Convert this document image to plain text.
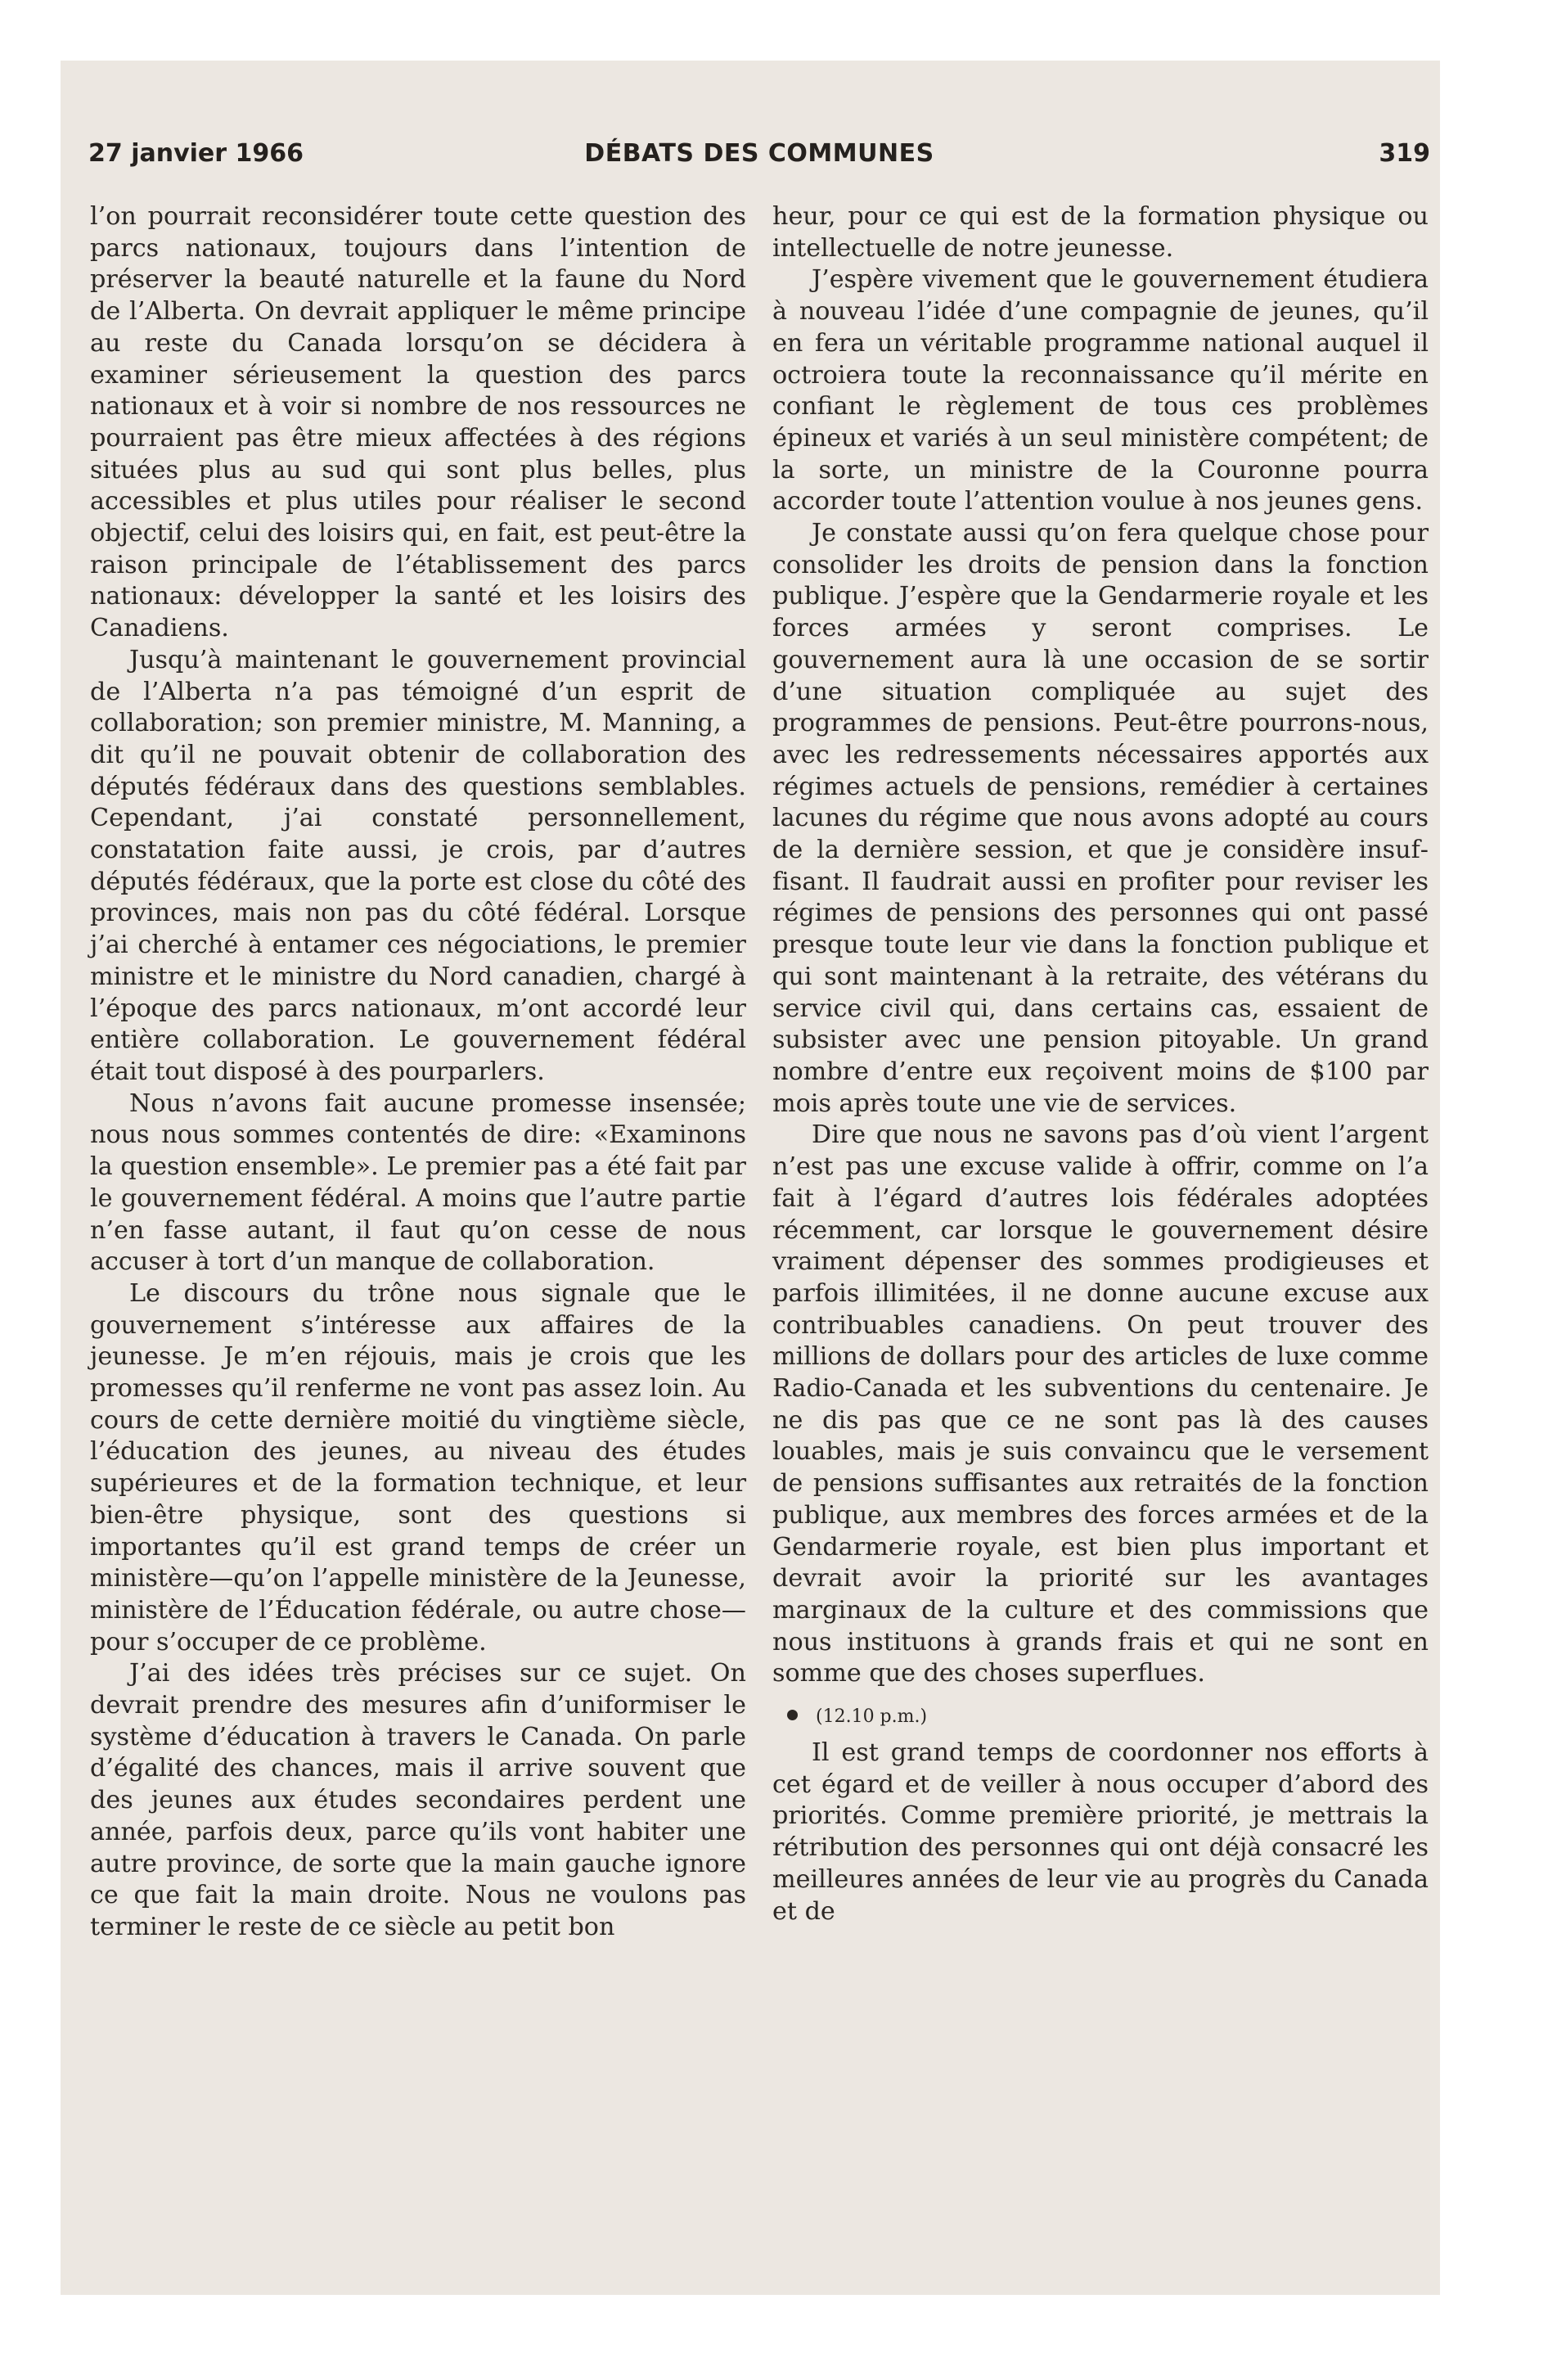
27 janvier 1966	DÉBATS DES COMMUNES	319

l’on pourrait reconsidérer toute cette question des parcs nationaux, toujours dans l’intention de préserver la beauté naturelle et la faune du Nord de l’Alberta. On devrait appliquer le même principe au reste du Canada lorsqu’on se décidera à examiner sérieusement la question des parcs nationaux et à voir si nombre de nos ressources ne pourraient pas être mieux affectées à des régions situées plus au sud qui sont plus belles, plus accessibles et plus utiles pour réaliser le second objectif, celui des loisirs qui, en fait, est peut-être la raison principale de l’établissement des parcs nationaux: développer la santé et les loisirs des Canadiens.

Jusqu’à maintenant le gouvernement provincial de l’Alberta n’a pas témoigné d’un esprit de collaboration; son premier ministre, M. Manning, a dit qu’il ne pouvait obtenir de collaboration des députés fédéraux dans des questions semblables. Cependant, j’ai constaté personnellement, constatation faite aussi, je crois, par d’autres députés fédéraux, que la porte est close du côté des provinces, mais non pas du côté fédéral. Lorsque j’ai cherché à entamer ces négociations, le premier ministre et le ministre du Nord canadien, chargé à l’époque des parcs nationaux, m’ont accordé leur entière collaboration. Le gouvernement fédéral était tout disposé à des pourparlers.

Nous n’avons fait aucune promesse insensée; nous nous sommes contentés de dire: «Examinons la question ensemble». Le premier pas a été fait par le gouvernement fédéral. A moins que l’autre partie n’en fasse autant, il faut qu’on cesse de nous accuser à tort d’un manque de collaboration.

Le discours du trône nous signale que le gouvernement s’intéresse aux affaires de la jeunesse. Je m’en réjouis, mais je crois que les promesses qu’il renferme ne vont pas assez loin. Au cours de cette dernière moitié du vingtième siècle, l’éducation des jeunes, au niveau des études supérieures et de la formation technique, et leur bien-être physique, sont des questions si importantes qu’il est grand temps de créer un ministère—qu’on l’appelle ministère de la Jeunesse, ministère de l’Éducation fédérale, ou autre chose—pour s’occuper de ce problème.

J’ai des idées très précises sur ce sujet. On devrait prendre des mesures afin d’uniformiser le système d’éducation à travers le Canada. On parle d’égalité des chances, mais il arrive souvent que des jeunes aux études secondaires perdent une année, parfois deux, parce qu’ils vont habiter une autre province, de sorte que la main gauche ignore ce que fait la main droite. Nous ne voulons pas terminer le reste de ce siècle au petit bon

heur, pour ce qui est de la formation physique ou intellectuelle de notre jeunesse.

J’espère vivement que le gouvernement étudiera à nouveau l’idée d’une compagnie de jeunes, qu’il en fera un véritable programme national auquel il octroiera toute la reconnaissance qu’il mérite en confiant le règlement de tous ces problèmes épineux et variés à un seul ministère compétent; de la sorte, un ministre de la Couronne pourra accorder toute l’attention voulue à nos jeunes gens.

Je constate aussi qu’on fera quelque chose pour consolider les droits de pension dans la fonction publique. J’espère que la Gendarmerie royale et les forces armées y seront comprises. Le gouvernement aura là une occasion de se sortir d’une situation compliquée au sujet des programmes de pensions. Peut-être pourrons-nous, avec les redressements nécessaires apportés aux régimes actuels de pensions, remédier à certaines lacunes du régime que nous avons adopté au cours de la dernière session, et que je considère insuffisant. Il faudrait aussi en profiter pour reviser les régimes de pensions des personnes qui ont passé presque toute leur vie dans la fonction publique et qui sont maintenant à la retraite, des vétérans du service civil qui, dans certains cas, essaient de subsister avec une pension pitoyable. Un grand nombre d’entre eux reçoivent moins de $100 par mois après toute une vie de services.

Dire que nous ne savons pas d’où vient l’argent n’est pas une excuse valide à offrir, comme on l’a fait à l’égard d’autres lois fédérales adoptées récemment, car lorsque le gouvernement désire vraiment dépenser des sommes prodigieuses et parfois illimitées, il ne donne aucune excuse aux contribuables canadiens. On peut trouver des millions de dollars pour des articles de luxe comme Radio-Canada et les subventions du centenaire. Je ne dis pas que ce ne sont pas là des causes louables, mais je suis convaincu que le versement de pensions suffisantes aux retraités de la fonction publique, aux membres des forces armées et de la Gendarmerie royale, est bien plus important et devrait avoir la priorité sur les avantages marginaux de la culture et des commissions que nous instituons à grands frais et qui ne sont en somme que des choses superflues.

(12.10 p.m.)

Il est grand temps de coordonner nos efforts à cet égard et de veiller à nous occuper d’abord des priorités. Comme première priorité, je mettrais la rétribution des personnes qui ont déjà consacré les meilleures années de leur vie au progrès du Canada et de
